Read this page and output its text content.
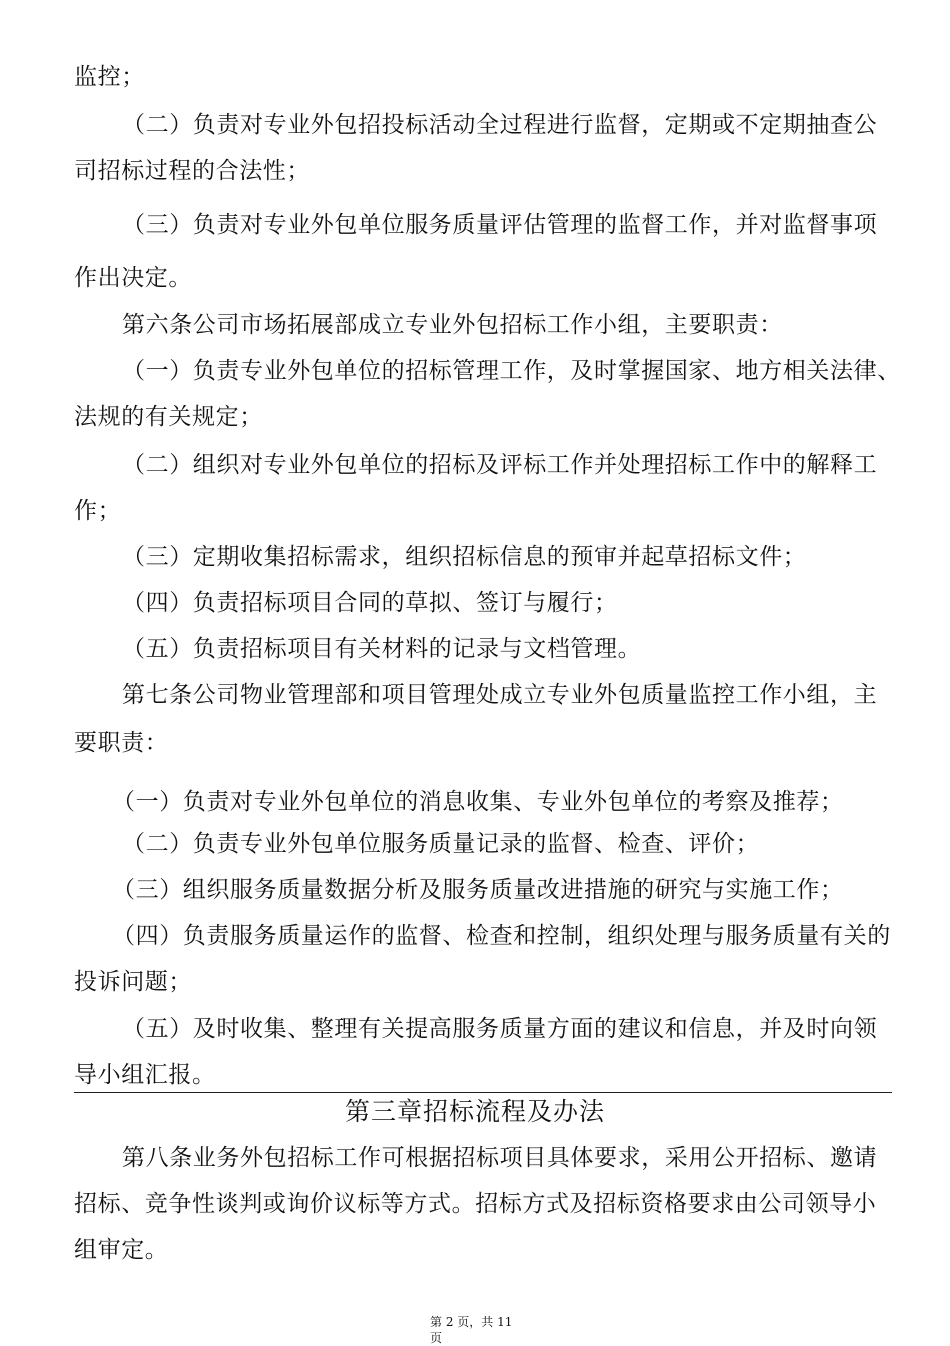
监控；
（二）负责对专业外包招投标活动全过程进行监督，定期或不定期抽查公
司招标过程的合法性；
（三）负责对专业外包单位服务质量评估管理的监督工作，并对监督事项
作出决定。
第六条公司市场拓展部成立专业外包招标工作小组，主要职责：
（一）负责专业外包单位的招标管理工作，及时掌握国家、地方相关法律、
法规的有关规定；
（二）组织对专业外包单位的招标及评标工作并处理招标工作中的解释工
作；
（三）定期收集招标需求，组织招标信息的预审并起草招标文件；
（四）负责招标项目合同的草拟、签订与履行；
（五）负责招标项目有关材料的记录与文档管理。
第七条公司物业管理部和项目管理处成立专业外包质量监控工作小组，主
要职责：
（一）负责对专业外包单位的消息收集、专业外包单位的考察及推荐；
（二）负责专业外包单位服务质量记录的监督、检查、评价；
（三）组织服务质量数据分析及服务质量改进措施的研究与实施工作；
（四）负责服务质量运作的监督、检查和控制，组织处理与服务质量有关的
投诉问题；
（五）及时收集、整理有关提高服务质量方面的建议和信息，并及时向领
导小组汇报。
第三章招标流程及办法
第八条业务外包招标工作可根据招标项目具体要求，采用公开招标、邀请
招标、竞争性谈判或询价议标等方式。招标方式及招标资格要求由公司领导小
组审定。
第 2 页，共 11
页
